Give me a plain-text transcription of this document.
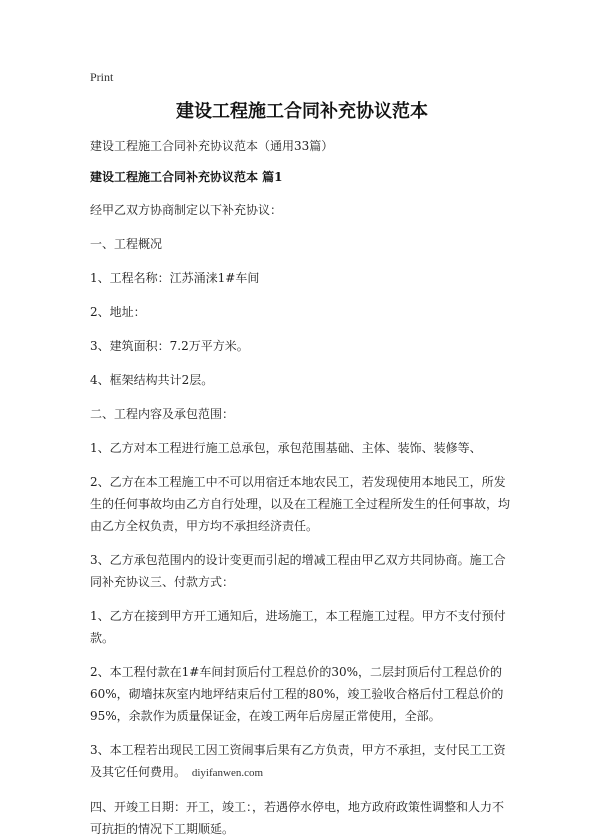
Print
建设工程施工合同补充协议范本
建设工程施工合同补充协议范本（通用33篇）
建设工程施工合同补充协议范本 篇1
经甲乙双方协商制定以下补充协议：
一、工程概况
1、工程名称：江苏涌涞1#车间
2、地址：
3、建筑面积：7.2万平方米。
4、框架结构共计2层。
二、工程内容及承包范围：
1、乙方对本工程进行施工总承包，承包范围基础、主体、装饰、装修等、
2、乙方在本工程施工中不可以用宿迁本地农民工，若发现使用本地民工，所发生的任何事故均由乙方自行处理，以及在工程施工全过程所发生的任何事故，均由乙方全权负责，甲方均不承担经济责任。
3、乙方承包范围内的设计变更而引起的增减工程由甲乙双方共同协商。施工合同补充协议三、付款方式：
1、乙方在接到甲方开工通知后，进场施工，本工程施工过程。甲方不支付预付款。
2、本工程付款在1#车间封顶后付工程总价的30%，二层封顶后付工程总价的60%，砌墙抹灰室内地坪结束后付工程的80%，竣工验收合格后付工程总价的95%，余款作为质量保证金，在竣工两年后房屋正常使用，全部。
3、本工程若出现民工因工资闹事后果有乙方负责，甲方不承担，支付民工工资及其它任何费用。 diyifanwen.com
四、开竣工日期：开工，竣工：，若遇停水停电，地方政府政策性调整和人力不可抗拒的情况下工期顺延。
